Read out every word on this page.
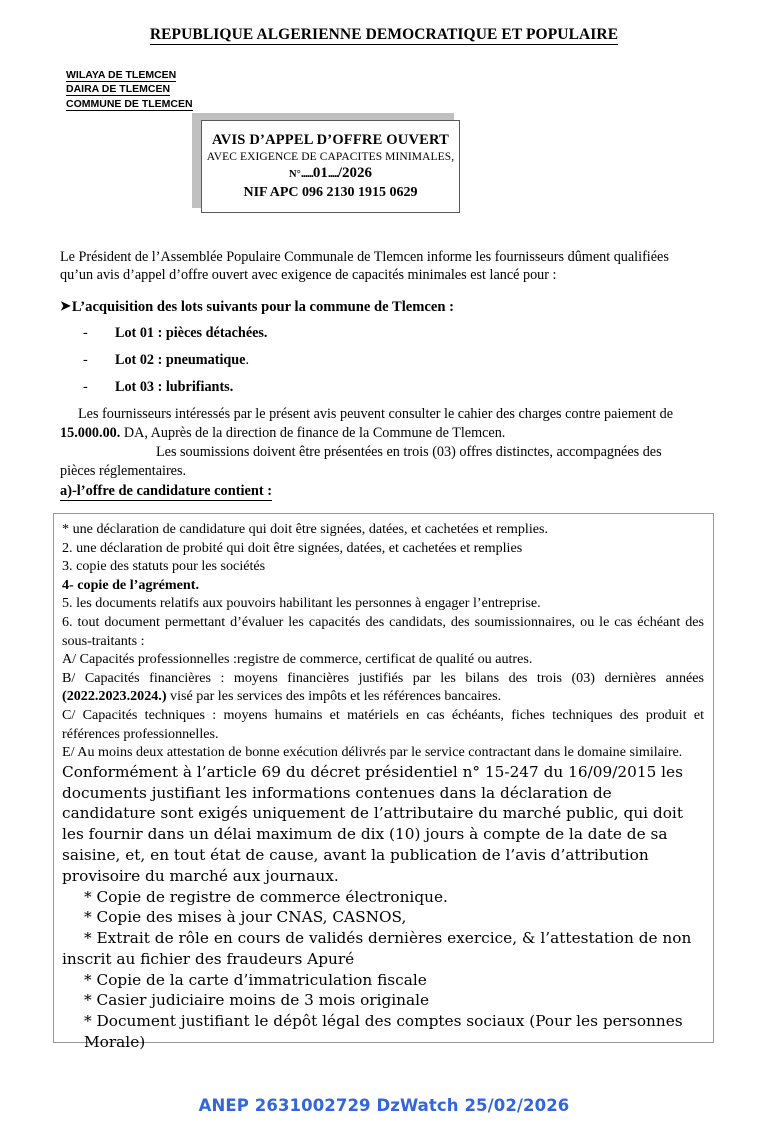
REPUBLIQUE ALGERIENNE DEMOCRATIQUE ET POPULAIRE
WILAYA DE TLEMCEN
DAIRA DE TLEMCEN
COMMUNE DE TLEMCEN
AVIS D’APPEL D’OFFRE OUVERT
AVEC EXIGENCE DE CAPACITES MINIMALES,
N°......01...../2026
NIF APC 096 2130 1915 0629
Le Président de l’Assemblée Populaire Communale de Tlemcen informe les fournisseurs dûment qualifiées qu’un avis d’appel d’offre ouvert avec exigence de capacités minimales est lancé pour :
➤L’acquisition des lots suivants pour la commune de Tlemcen :
-	Lot 01 : pièces détachées.
-	Lot 02 : pneumatique.
-	Lot 03 : lubrifiants.
Les fournisseurs intéressés par le présent avis peuvent consulter le cahier des charges contre paiement de 15.000.00. DA, Auprès de la direction de finance de la Commune de Tlemcen.
Les soumissions doivent être présentées en trois (03) offres distinctes, accompagnées des pièces réglementaires.
a)-l’offre de candidature contient :
* une déclaration de candidature qui doit être signées, datées, et cachetées et remplies.
2. une déclaration de probité qui doit être signées, datées, et cachetées et remplies
3. copie des statuts pour les sociétés
4- copie de l’agrément.
5. les documents relatifs aux pouvoirs habilitant les personnes à engager l’entreprise.
6. tout document permettant d’évaluer les capacités des candidats, des soumissionnaires, ou le cas échéant des sous-traitants :
A/ Capacités professionnelles :registre de commerce, certificat de qualité ou autres.
B/ Capacités financières : moyens financières justifiés par les bilans des trois (03) dernières années (2022.2023.2024.) visé par les services des impôts et les références bancaires.
C/ Capacités techniques : moyens humains et matériels en cas échéants, fiches techniques des produit et références professionnelles.
E/ Au moins deux attestation de bonne exécution délivrés par le service contractant dans le domaine similaire.
Conformément à l’article 69 du décret présidentiel n° 15-247 du 16/09/2015 les documents justifiant les informations contenues dans la déclaration de candidature sont exigés uniquement de l’attributaire du marché public, qui doit les fournir dans un délai maximum de dix (10) jours à compte de la date de sa saisine, et, en tout état de cause, avant la publication de l’avis d’attribution provisoire du marché aux journaux.
* Copie de registre de commerce électronique.
* Copie des mises à jour CNAS, CASNOS,
* Extrait de rôle en cours de validés dernières exercice, & l’attestation de non inscrit au fichier des fraudeurs Apuré
* Copie de la carte d’immatriculation fiscale
* Casier judiciaire moins de 3 mois originale
* Document justifiant le dépôt légal des comptes sociaux (Pour les personnes Morale)
ANEP 2631002729 DzWatch 25/02/2026
